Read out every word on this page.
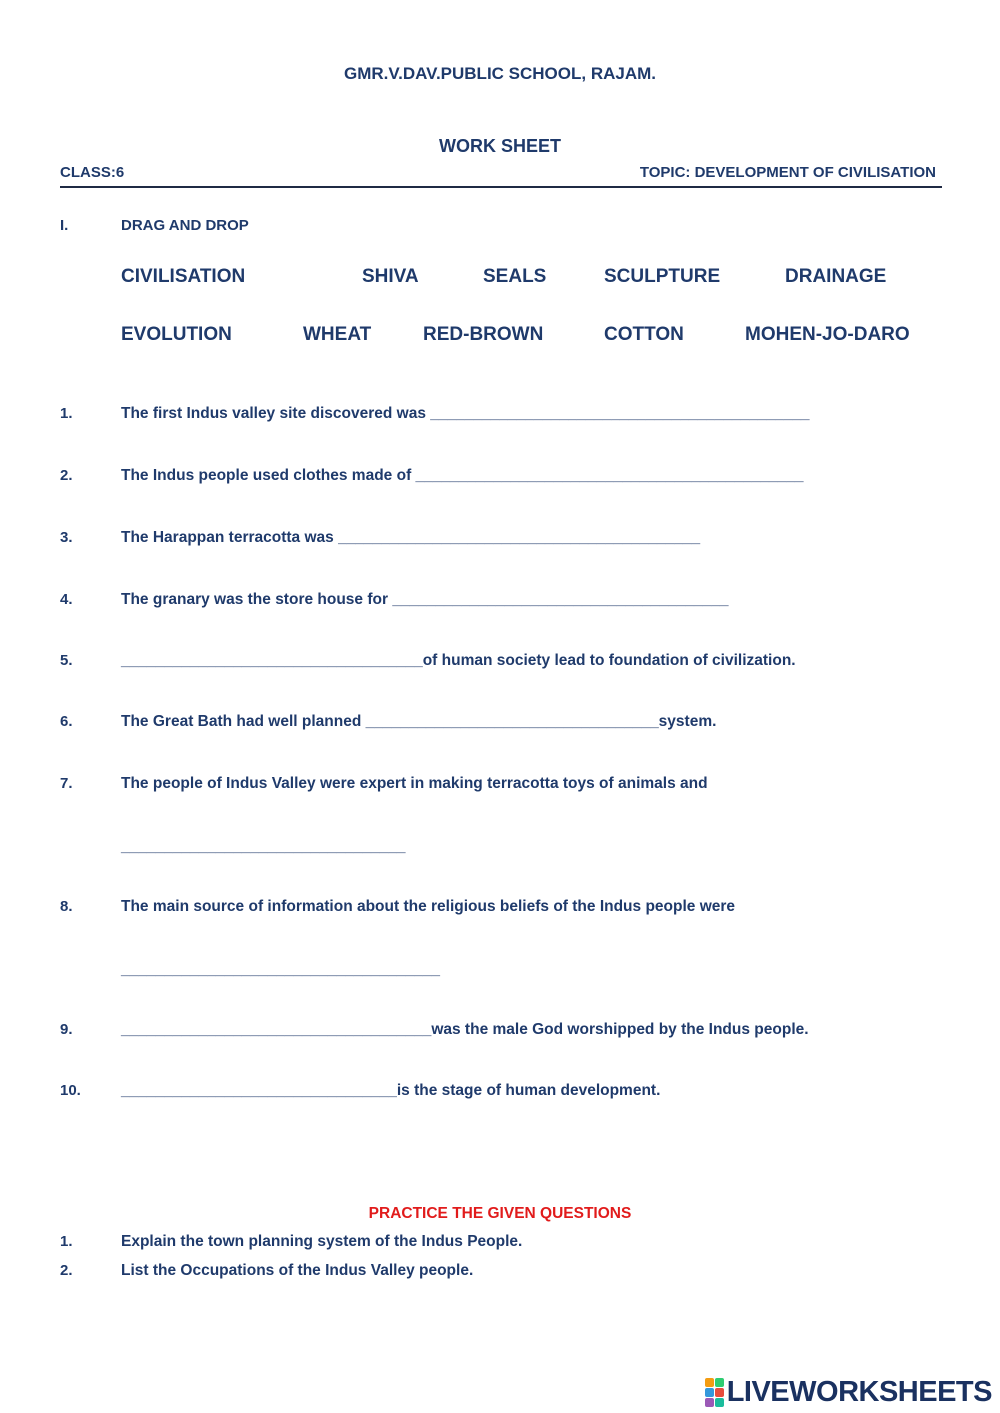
GMR.V.DAV.PUBLIC SCHOOL, RAJAM.
WORK SHEET
CLASS:6	TOPIC: DEVELOPMENT OF CIVILISATION
I.	DRAG AND DROP
CIVILISATION	SHIVA	SEALS	SCULPTURE	DRAINAGE
EVOLUTION	WHEAT	RED-BROWN	COTTON	MOHEN-JO-DARO
1.	The first Indus valley site discovered was ____________________________________________
2.	The Indus people used clothes made of _____________________________________________
3.	The Harappan terracotta was __________________________________________
4.	The granary was the store house for _______________________________________
5.	___________________________________of human society lead to foundation of civilization.
6.	The Great Bath had well planned __________________________________system.
7.	The people of Indus Valley were expert in making terracotta toys of animals and
_________________________________
8.	The main source of information about the religious beliefs of the Indus people were
_____________________________________
9.	____________________________________was the male God worshipped by the Indus people.
10.	________________________________is the stage of human development.
PRACTICE THE GIVEN QUESTIONS
1.	Explain the town planning system of the Indus People.
2.	List the Occupations of the Indus Valley people.
LIVEWORKSHEETS
